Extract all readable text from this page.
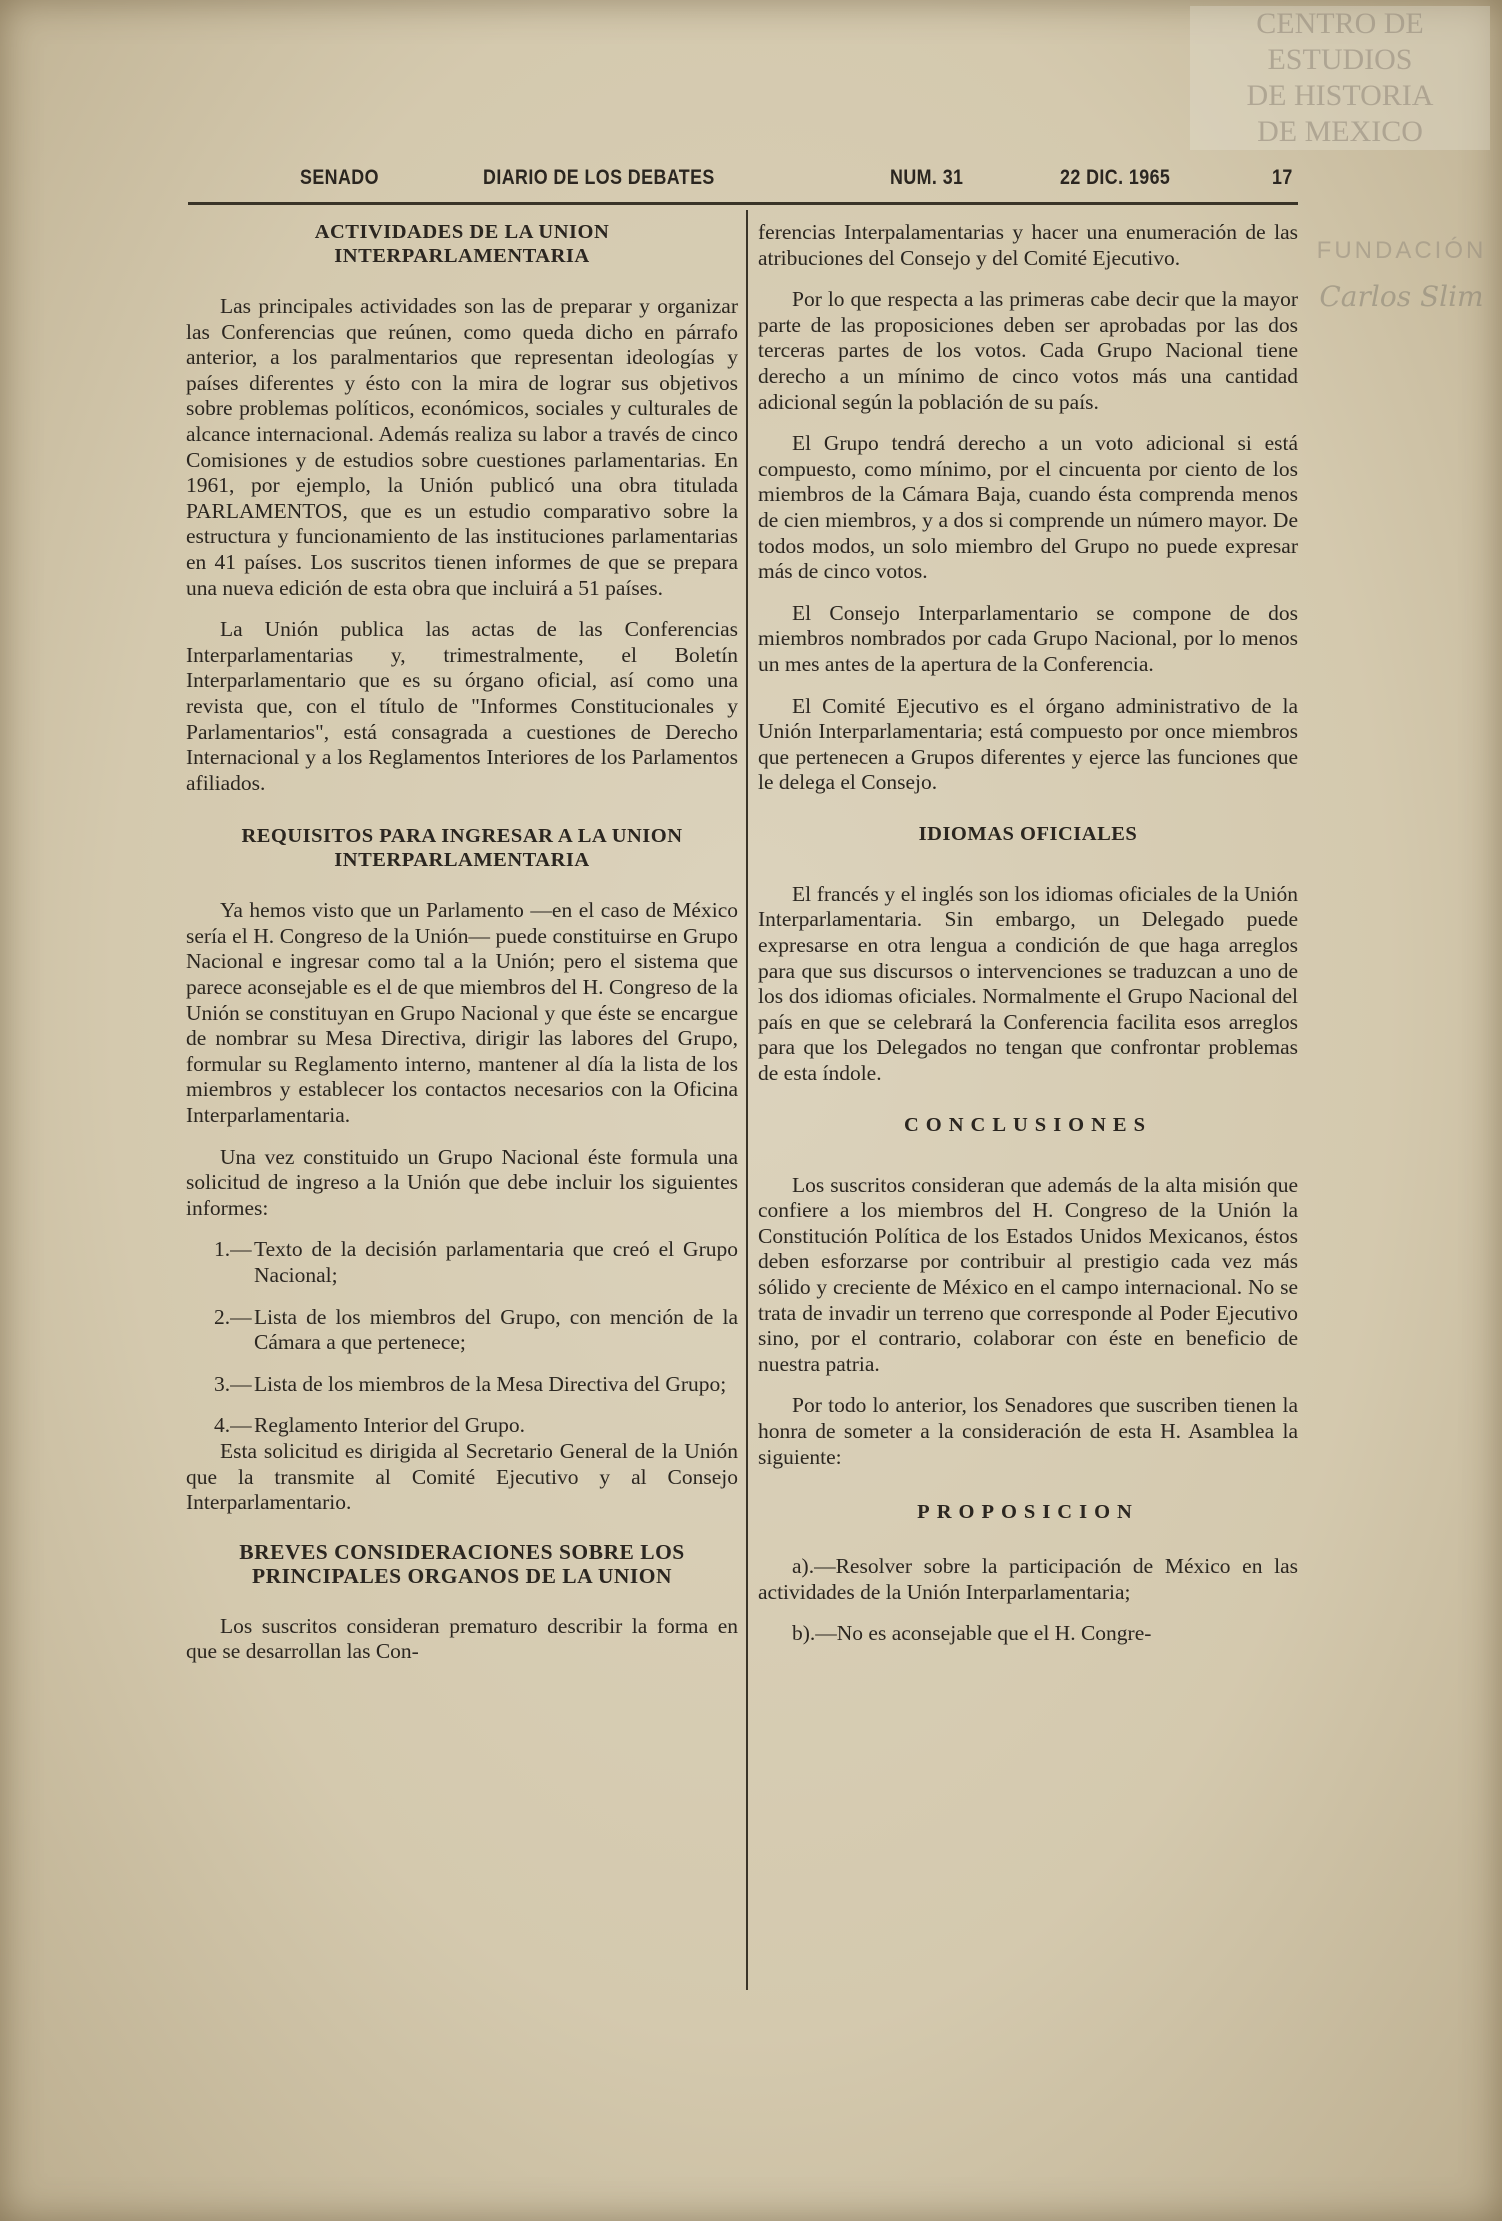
CENTRO DE
ESTUDIOS
DE HISTORIA
DE MEXICO
FUNDACIÓN
Carlos Slim
SENADO	DIARIO DE LOS DEBATES	NUM. 31	22 DIC. 1965	17
ACTIVIDADES DE LA UNION INTERPARLAMENTARIA

Las principales actividades son las de preparar y organizar las Conferencias que reúnen, como queda dicho en párrafo anterior, a los paralmentarios que representan ideologías y países diferentes y ésto con la mira de lograr sus objetivos sobre problemas políticos, económicos, sociales y culturales de alcance internacional. Además realiza su labor a través de cinco Comisiones y de estudios sobre cuestiones parlamentarias. En 1961, por ejemplo, la Unión publicó una obra titulada PARLAMENTOS, que es un estudio comparativo sobre la estructura y funcionamiento de las instituciones parlamentarias en 41 países. Los suscritos tienen informes de que se prepara una nueva edición de esta obra que incluirá a 51 países.

La Unión publica las actas de las Conferencias Interparlamentarias y, trimestralmente, el Boletín Interparlamentario que es su órgano oficial, así como una revista que, con el título de "Informes Constitucionales y Parlamentarios", está consagrada a cuestiones de Derecho Internacional y a los Reglamentos Interiores de los Parlamentos afiliados.

REQUISITOS PARA INGRESAR A LA UNION INTERPARLAMENTARIA

Ya hemos visto que un Parlamento —en el caso de México sería el H. Congreso de la Unión— puede constituirse en Grupo Nacional e ingresar como tal a la Unión; pero el sistema que parece aconsejable es el de que miembros del H. Congreso de la Unión se constituyan en Grupo Nacional y que éste se encargue de nombrar su Mesa Directiva, dirigir las labores del Grupo, formular su Reglamento interno, mantener al día la lista de los miembros y establecer los contactos necesarios con la Oficina Interparlamentaria.

Una vez constituido un Grupo Nacional éste formula una solicitud de ingreso a la Unión que debe incluir los siguientes informes:

1.— Texto de la decisión parlamentaria que creó el Grupo Nacional;

2.— Lista de los miembros del Grupo, con mención de la Cámara a que pertenece;

3.— Lista de los miembros de la Mesa Directiva del Grupo;

4.— Reglamento Interior del Grupo.

Esta solicitud es dirigida al Secretario General de la Unión que la transmite al Comité Ejecutivo y al Consejo Interparlamentario.

BREVES CONSIDERACIONES SOBRE LOS PRINCIPALES ORGANOS DE LA UNION

Los suscritos consideran prematuro describir la forma en que se desarrollan las Con-

ferencias Interpalamentarias y hacer una enumeración de las atribuciones del Consejo y del Comité Ejecutivo.

Por lo que respecta a las primeras cabe decir que la mayor parte de las proposiciones deben ser aprobadas por las dos terceras partes de los votos. Cada Grupo Nacional tiene derecho a un mínimo de cinco votos más una cantidad adicional según la población de su país.

El Grupo tendrá derecho a un voto adicional si está compuesto, como mínimo, por el cincuenta por ciento de los miembros de la Cámara Baja, cuando ésta comprenda menos de cien miembros, y a dos si comprende un número mayor. De todos modos, un solo miembro del Grupo no puede expresar más de cinco votos.

El Consejo Interparlamentario se compone de dos miembros nombrados por cada Grupo Nacional, por lo menos un mes antes de la apertura de la Conferencia.

El Comité Ejecutivo es el órgano administrativo de la Unión Interparlamentaria; está compuesto por once miembros que pertenecen a Grupos diferentes y ejerce las funciones que le delega el Consejo.

IDIOMAS OFICIALES

El francés y el inglés son los idiomas oficiales de la Unión Interparlamentaria. Sin embargo, un Delegado puede expresarse en otra lengua a condición de que haga arreglos para que sus discursos o intervenciones se traduzcan a uno de los dos idiomas oficiales. Normalmente el Grupo Nacional del país en que se celebrará la Conferencia facilita esos arreglos para que los Delegados no tengan que confrontar problemas de esta índole.

CONCLUSIONES

Los suscritos consideran que además de la alta misión que confiere a los miembros del H. Congreso de la Unión la Constitución Política de los Estados Unidos Mexicanos, éstos deben esforzarse por contribuir al prestigio cada vez más sólido y creciente de México en el campo internacional. No se trata de invadir un terreno que corresponde al Poder Ejecutivo sino, por el contrario, colaborar con éste en beneficio de nuestra patria.

Por todo lo anterior, los Senadores que suscriben tienen la honra de someter a la consideración de esta H. Asamblea la siguiente:

PROPOSICION

a).—Resolver sobre la participación de México en las actividades de la Unión Interparlamentaria;

b).—No es aconsejable que el H. Congre-
